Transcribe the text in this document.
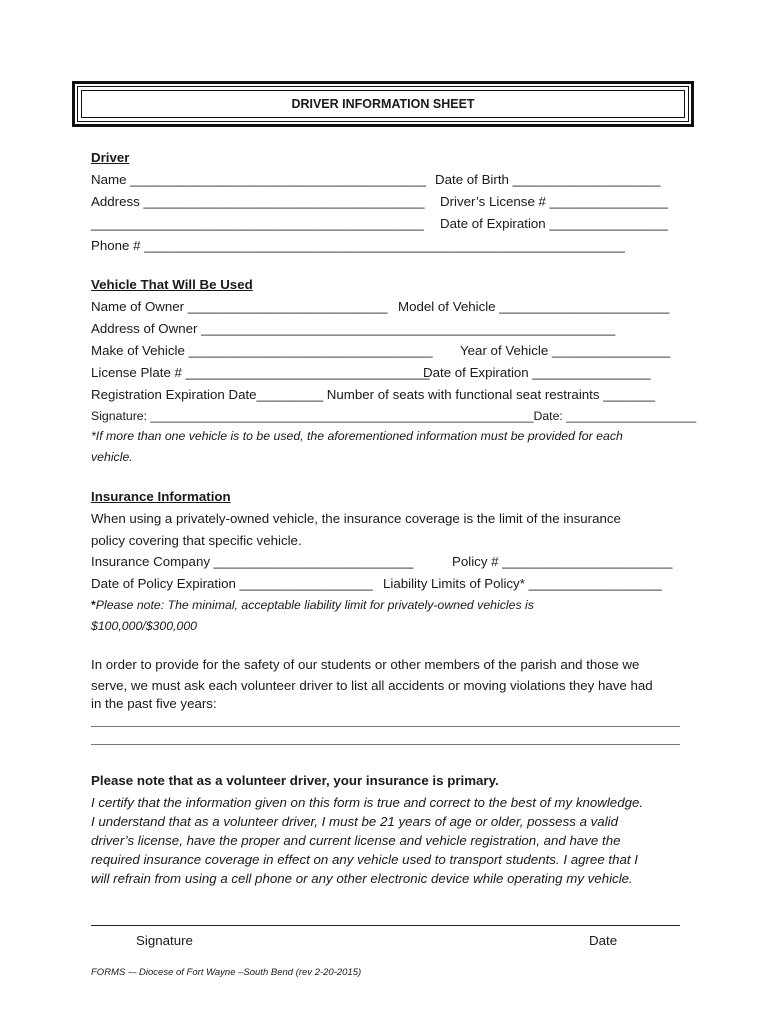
DRIVER INFORMATION SHEET
Driver
Name ________________________________________ Date of Birth ____________________
Address ______________________________________ Driver’s License # ________________
_____________________________________________ Date of Expiration ________________
Phone # _________________________________________________________________
Vehicle That Will Be Used
Name of Owner ___________________________ Model of Vehicle _______________________
Address of Owner ________________________________________________________
Make of Vehicle _________________________________ Year of Vehicle ________________
License Plate # _________________________________
Date of Expiration ________________
Registration Expiration Date_________ Number of seats with functional seat restraints _______
Signature: ________________________________________________________Date: ___________________
*If more than one vehicle is to be used, the aforementioned information must be provided for each
vehicle.
Insurance Information
When using a privately-owned vehicle, the insurance coverage is the limit of the insurance
policy covering that specific vehicle.
Insurance Company ___________________________	Policy # _______________________
Date of Policy Expiration __________________ Liability Limits of Policy* __________________
*Please note: The minimal, acceptable liability limit for privately-owned vehicles is
$100,000/$300,000
In order to provide for the safety of our students or other members of the parish and those we
serve, we must ask each volunteer driver to list all accidents or moving violations they have had
in the past five years:
Please note that as a volunteer driver, your insurance is primary.
I certify that the information given on this form is true and correct to the best of my knowledge.
I understand that as a volunteer driver, I must be 21 years of age or older, possess a valid
driver’s license, have the proper and current license and vehicle registration, and have the
required insurance coverage in effect on any vehicle used to transport students. I agree that I
will refrain from using a cell phone or any other electronic device while operating my vehicle.
Signature	Date
FORMS -– Diocese of Fort Wayne –South Bend (rev 2-20-2015)
